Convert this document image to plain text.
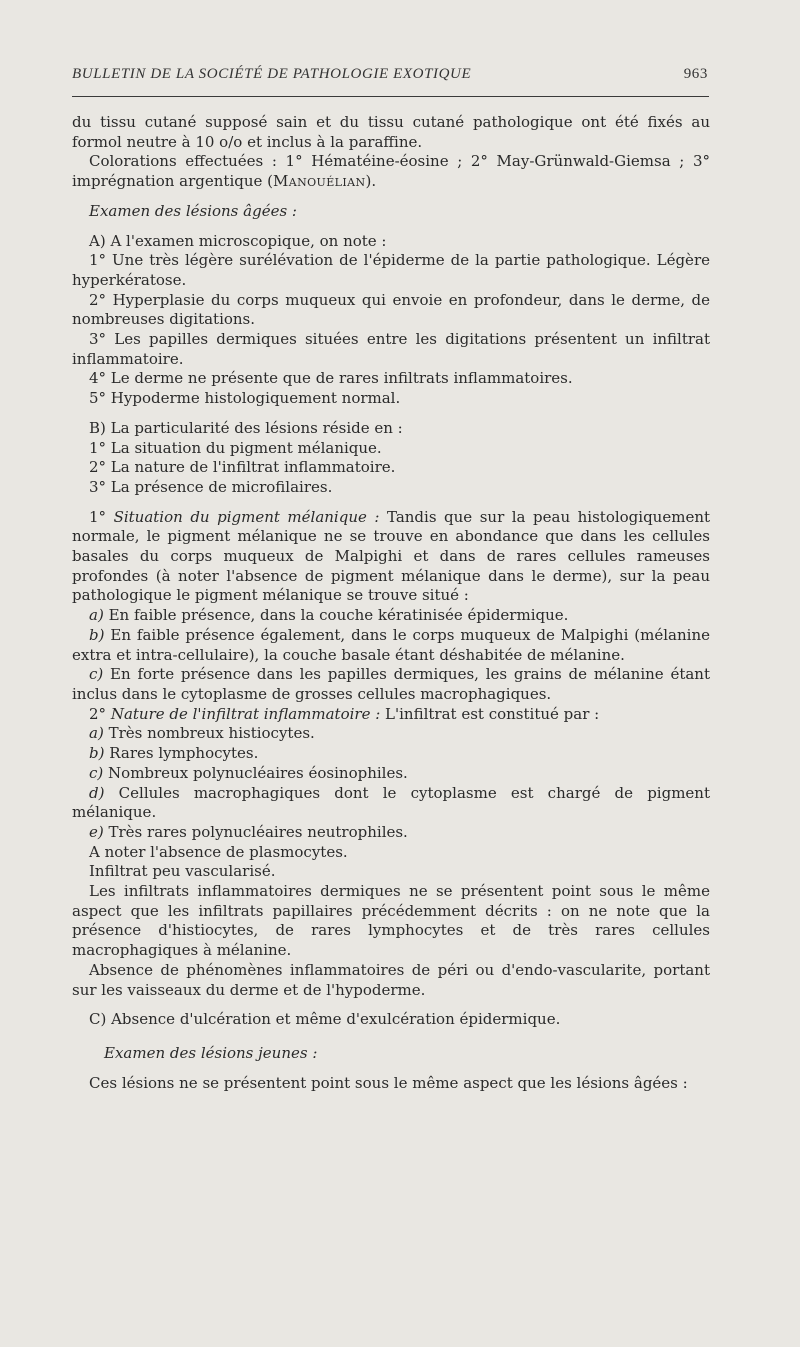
BULLETIN DE LA SOCIÉTÉ DE PATHOLOGIE EXOTIQUE	963

du tissu cutané supposé sain et du tissu cutané pathologique ont été fixés au formol neutre à 10 o/o et inclus à la paraffine.

Colorations effectuées : 1° Hématéine-éosine ; 2° May-Grünwald-Giemsa ; 3° imprégnation argentique (Manouélian).

Examen des lésions âgées :

A) A l'examen microscopique, on note :

1° Une très légère surélévation de l'épiderme de la partie pathologique. Légère hyperkératose.

2° Hyperplasie du corps muqueux qui envoie en profondeur, dans le derme, de nombreuses digitations.

3° Les papilles dermiques situées entre les digitations présentent un infiltrat inflammatoire.

4° Le derme ne présente que de rares infiltrats inflammatoires.

5° Hypoderme histologiquement normal.

B) La particularité des lésions réside en :

1° La situation du pigment mélanique.

2° La nature de l'infiltrat inflammatoire.

3° La présence de microfilaires.

1° Situation du pigment mélanique : Tandis que sur la peau histologiquement normale, le pigment mélanique ne se trouve en abondance que dans les cellules basales du corps muqueux de Malpighi et dans de rares cellules rameuses profondes (à noter l'absence de pigment mélanique dans le derme), sur la peau pathologique le pigment mélanique se trouve situé :

a) En faible présence, dans la couche kératinisée épidermique.

b) En faible présence également, dans le corps muqueux de Malpighi (mélanine extra et intra-cellulaire), la couche basale étant déshabitée de mélanine.

c) En forte présence dans les papilles dermiques, les grains de mélanine étant inclus dans le cytoplasme de grosses cellules macrophagiques.

2° Nature de l'infiltrat inflammatoire : L'infiltrat est constitué par :

a) Très nombreux histiocytes.

b) Rares lymphocytes.

c) Nombreux polynucléaires éosinophiles.

d) Cellules macrophagiques dont le cytoplasme est chargé de pigment mélanique.

e) Très rares polynucléaires neutrophiles.

A noter l'absence de plasmocytes.

Infiltrat peu vascularisé.

Les infiltrats inflammatoires dermiques ne se présentent point sous le même aspect que les infiltrats papillaires précédemment décrits : on ne note que la présence d'histiocytes, de rares lymphocytes et de très rares cellules macrophagiques à mélanine.

Absence de phénomènes inflammatoires de péri ou d'endo-vascularite, portant sur les vaisseaux du derme et de l'hypoderme.

C) Absence d'ulcération et même d'exulcération épidermique.

Examen des lésions jeunes :

Ces lésions ne se présentent point sous le même aspect que les lésions âgées :
